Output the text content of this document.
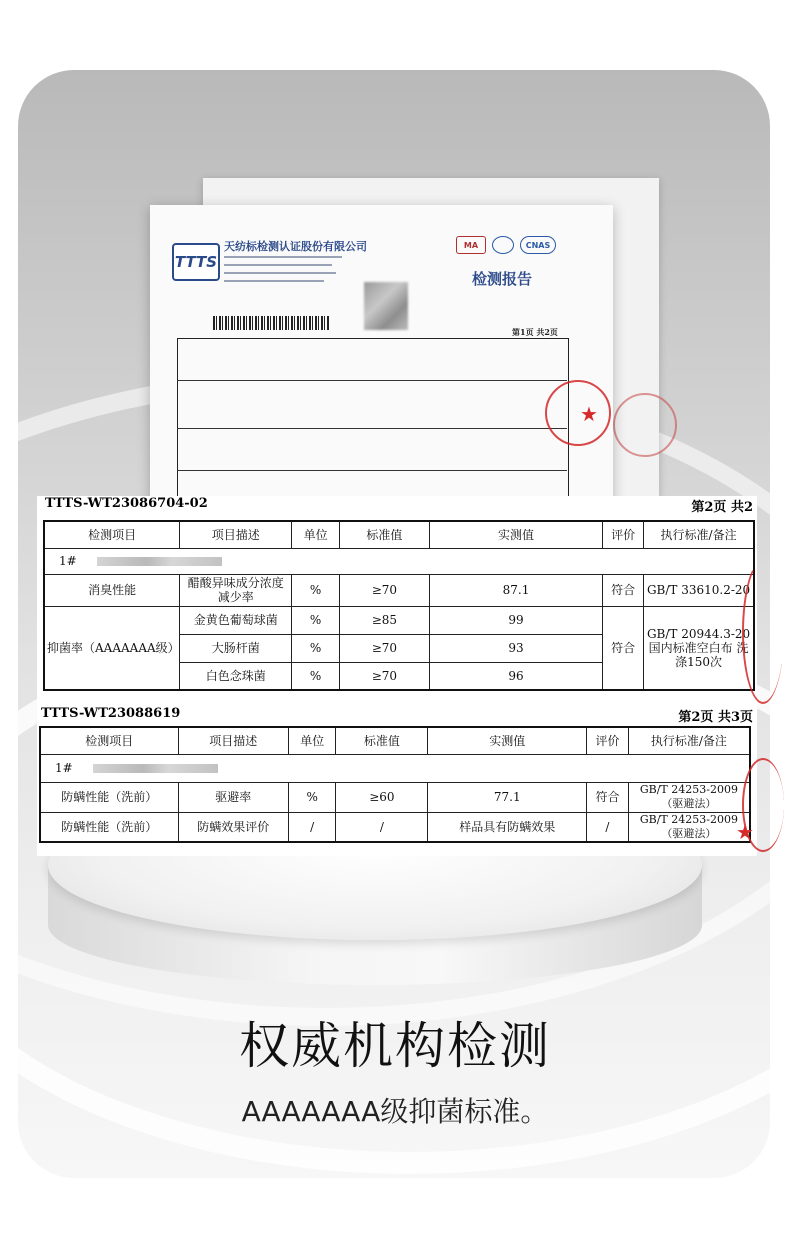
TTTS
天纺标检测认证股份有限公司	MA	CNAS
检测报告
第1页 共2页
★
TTTS-WT23086704-02	第2页 共2
检测项目	项目描述	单位	标准值	实测值	评价	执行标准/备注
1#						
消臭性能	醋酸异味成分浓度减少率	%	≥70	87.1	符合	GB/T 33610.2-20
抑菌率（AAAAAAA级）	金黄色葡萄球菌	%	≥85	99	符合	GB/T 20944.3-20 国内标准空白布 洗涤150次
	大肠杆菌	%	≥70	93		
	白色念珠菌	%	≥70	96		
TTTS-WT23088619	第2页 共3页
检测项目	项目描述	单位	标准值	实测值	评价	执行标准/备注
1#						
防螨性能（洗前）	驱避率	%	≥60	77.1	符合	GB/T 24253-2009 （驱避法）
防螨性能（洗前）	防螨效果评价	/	/	样品具有防螨效果	/	GB/T 24253-2009 （驱避法） ★
权威机构检测
AAAAAAA级抑菌标准。
